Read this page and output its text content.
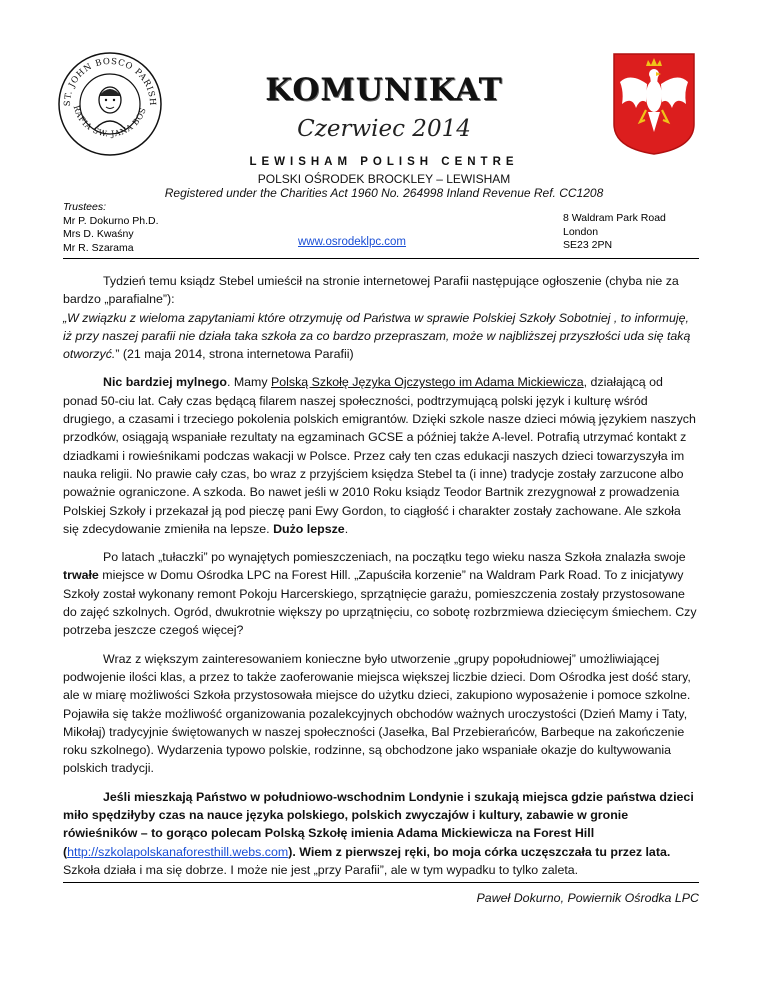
ST. JOHN BOSCO PARISH
RAFIA ŚW. JANA BOS
KOMUNIKAT
Czerwiec 2014
LEWISHAM POLISH CENTRE
POLSKI OŚRODEK BROCKLEY – LEWISHAM
Registered under the Charities Act 1960 No. 264998 Inland Revenue Ref. CC1208
Trustees:
Mr P. Dokurno Ph.D.
Mrs D. Kwaśny
Mr R. Szarama	www.osrodeklpc.com
8 Waldram Park Road
London
SE23 2PN

Tydzień temu ksiądz Stebel umieścił na stronie internetowej Parafii następujące ogłoszenie (chyba nie za bardzo „parafialne”):
„W związku z wieloma zapytaniami które otrzymuję od Państwa w sprawie Polskiej Szkoły Sobotniej , to informuję, iż przy naszej parafii nie działa taka szkoła za co bardzo przepraszam, może w najbliższej przyszłości uda się taką otworzyć.” (21 maja 2014, strona internetowa Parafii)

Nic bardziej mylnego. Mamy Polską Szkołę Języka Ojczystego im Adama Mickiewicza, działającą od ponad 50-ciu lat. Cały czas będącą filarem naszej społeczności, podtrzymującą polski język i kulturę wśród drugiego, a czasami i trzeciego pokolenia polskich emigrantów. Dzięki szkole nasze dzieci mówią językiem naszych przodków, osiągają wspaniałe rezultaty na egzaminach GCSE a później także A-level. Potrafią utrzymać kontakt z dziadkami i rowieśnikami podczas wakacji w Polsce. Przez cały ten czas edukacji naszych dzieci towarzyszyła im nauka religii. No prawie cały czas, bo wraz z przyjściem księdza Stebel ta (i inne) tradycje zostały zarzucone albo poważnie ograniczone. A szkoda. Bo nawet jeśli w 2010 Roku ksiądz Teodor Bartnik zrezygnował z prowadzenia Polskiej Szkoły i przekazał ją pod pieczę pani Ewy Gordon, to ciągłość i charakter zostały zachowane. Ale szkoła się zdecydowanie zmieniła na lepsze. Dużo lepsze.

Po latach „tułaczki” po wynajętych pomieszczeniach, na początku tego wieku nasza Szkoła znalazła swoje trwałe miejsce w Domu Ośrodka LPC na Forest Hill. „Zapuściła korzenie” na Waldram Park Road. To z inicjatywy Szkoły został wykonany remont Pokoju Harcerskiego, sprzątnięcie garażu, pomieszczenia zostały przystosowane do zajęć szkolnych. Ogród, dwukrotnie większy po uprzątnięciu, co sobotę rozbrzmiewa dziecięcym śmiechem. Czy potrzeba jeszcze czegoś więcej?

Wraz z większym zainteresowaniem konieczne było utworzenie „grupy popołudniowej” umożliwiającej podwojenie ilości klas, a przez to także zaoferowanie miejsca większej liczbie dzieci. Dom Ośrodka jest dość stary, ale w miarę możliwości Szkoła przystosowała miejsce do użytku dzieci, zakupiono wyposażenie i pomoce szkolne. Pojawiła się także możliwość organizowania pozalekcyjnych obchodów ważnych uroczystości (Dzień Mamy i Taty, Mikołaj) tradycyjnie świętowanych w naszej społeczności (Jasełka, Bal Przebierańców, Barbeque na zakończenie roku szkolnego). Wydarzenia typowo polskie, rodzinne, są obchodzone jako wspaniałe okazje do kultywowania polskich tradycji.

Jeśli mieszkają Państwo w południowo-wschodnim Londynie i szukają miejsca gdzie państwa dzieci miło spędziłyby czas na nauce języka polskiego, polskich zwyczajów i kultury, zabawie w gronie rówieśników – to gorąco polecam Polską Szkołę imienia Adama Mickiewicza na Forest Hill (http://szkolapolskanaforesthill.webs.com). Wiem z pierwszej ręki, bo moja córka uczęszczała tu przez lata. Szkoła działa i ma się dobrze. I może nie jest „przy Parafii”, ale w tym wypadku to tylko zaleta.

Paweł Dokurno, Powiernik Ośrodka LPC
